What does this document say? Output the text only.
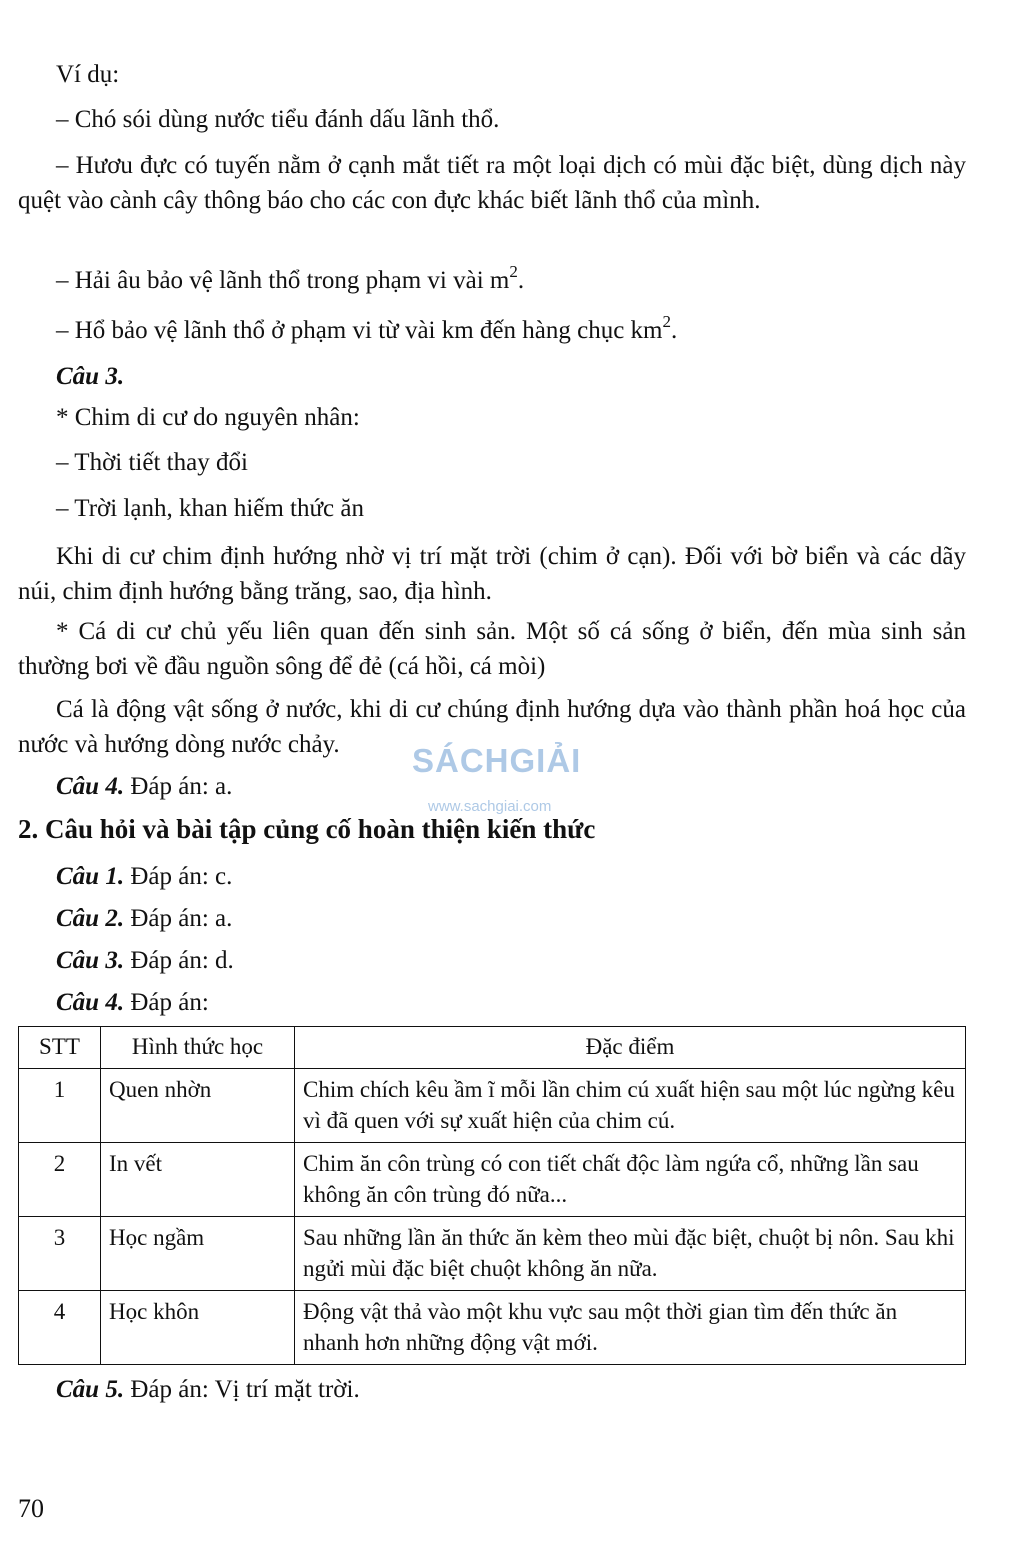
Ví dụ:
– Chó sói dùng nước tiểu đánh dấu lãnh thổ.
– Hươu đực có tuyến nằm ở cạnh mắt tiết ra một loại dịch có mùi đặc biệt, dùng dịch này quệt vào cành cây thông báo cho các con đực khác biết lãnh thổ của mình.
– Hải âu bảo vệ lãnh thổ trong phạm vi vài $m^2$.
– Hổ bảo vệ lãnh thổ ở phạm vi từ vài km đến hàng chục $km^2$.
Câu 3.
* Chim di cư do nguyên nhân:
– Thời tiết thay đổi
– Trời lạnh, khan hiếm thức ăn
Khi di cư chim định hướng nhờ vị trí mặt trời (chim ở cạn). Đối với bờ biển và các dãy núi, chim định hướng bằng trăng, sao, địa hình.
* Cá di cư chủ yếu liên quan đến sinh sản. Một số cá sống ở biển, đến mùa sinh sản thường bơi về đầu nguồn sông để đẻ (cá hồi, cá mòi)
Cá là động vật sống ở nước, khi di cư chúng định hướng dựa vào thành phần hoá học của nước và hướng dòng nước chảy.
Câu 4. Đáp án: a.
SÁCHGIẢI
www.sachgiai.com
2. Câu hỏi và bài tập củng cố hoàn thiện kiến thức
Câu 1. Đáp án: c.
Câu 2. Đáp án: a.
Câu 3. Đáp án: d.
Câu 4. Đáp án:
STT	Hình thức học	Đặc điểm
1	Quen nhờn	Chim chích kêu ầm ĩ mỗi lần chim cú xuất hiện sau một lúc ngừng kêu vì đã quen với sự xuất hiện của chim cú.
2	In vết	Chim ăn côn trùng có con tiết chất độc làm ngứa cổ, những lần sau không ăn côn trùng đó nữa...
3	Học ngầm	Sau những lần ăn thức ăn kèm theo mùi đặc biệt, chuột bị nôn. Sau khi ngửi mùi đặc biệt chuột không ăn nữa.
4	Học khôn	Động vật thả vào một khu vực sau một thời gian tìm đến thức ăn nhanh hơn những động vật mới.
Câu 5. Đáp án: Vị trí mặt trời.
70
